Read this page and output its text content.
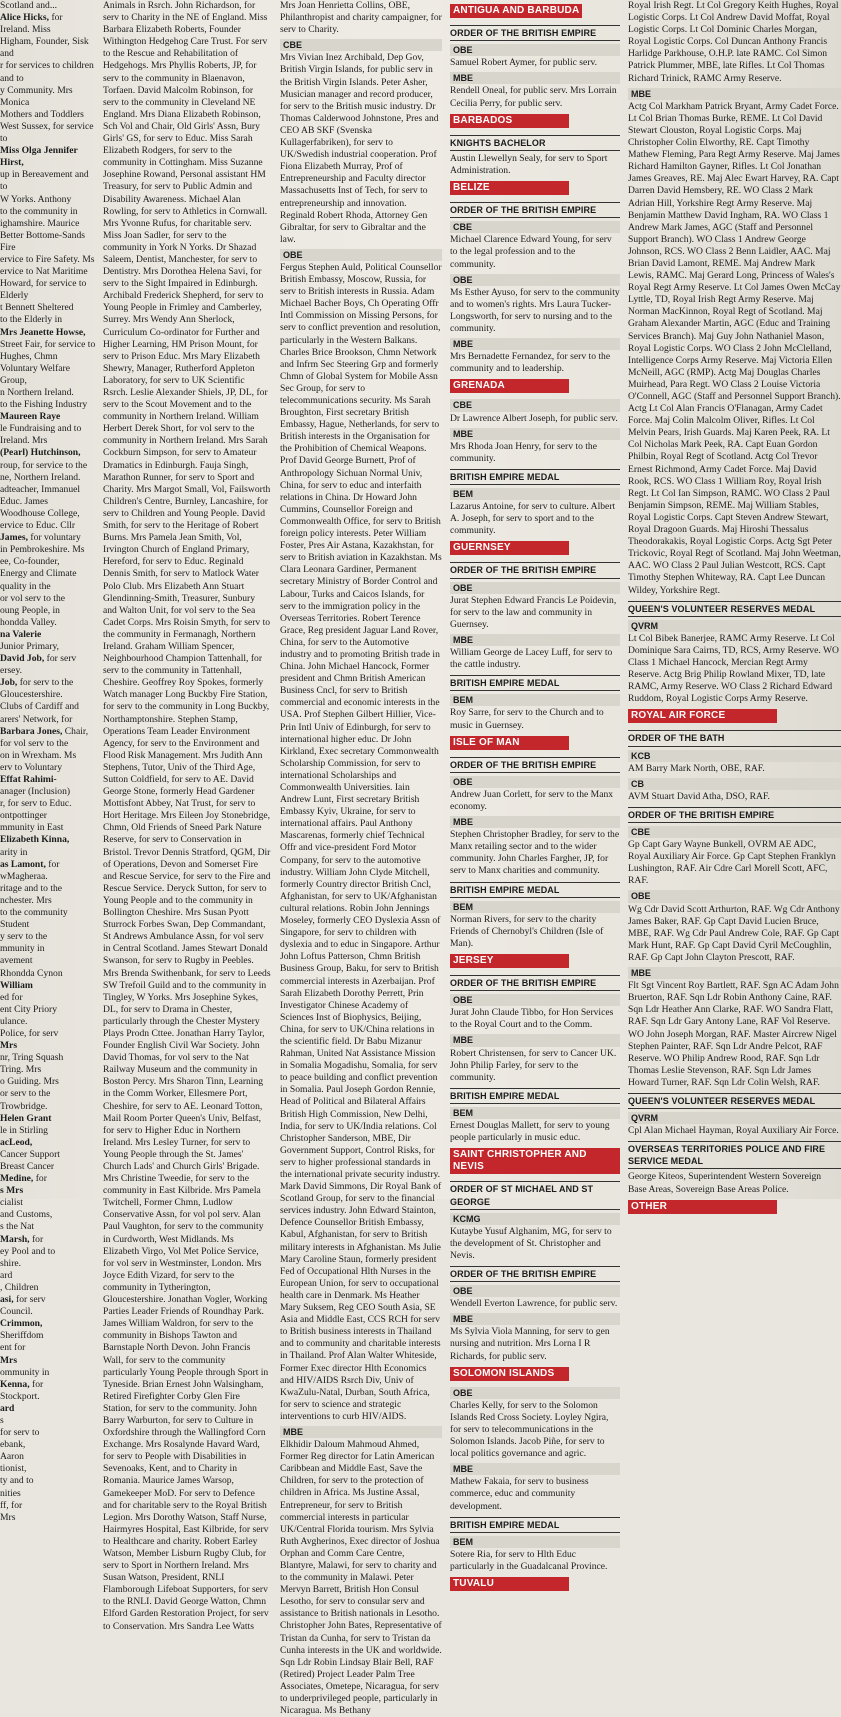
Scotland and...

Alice Hicks, for

Ireland. Miss

Higham, Founder, Sisk and

r for services to children and to

y Community. Mrs Monica

Mothers and Toddlers

West Sussex, for service to

Miss Olga Jennifer Hirst,

up in Bereavement and to

W Yorks. Anthony

to the community in

ighamshire. Maurice

Better Bottome-Sands Fire

ervice to Fire Safety. Ms

ervice to Nat Maritime

Howard, for service to Elderly

t Bennett Sheltered

to the Elderly in

Mrs Jeanette Howse,

Street Fair, for service to

Hughes, Chmn

Voluntary Welfare Group,

n Northern Ireland.

to the Fishing Industry

Maureen Raye

le Fundraising and to

Ireland. Mrs

(Pearl) Hutchinson,

roup, for service to the

ne, Northern Ireland.

adteacher, Immanuel

Educ. James

Woodhouse College,

ervice to Educ. Cllr

James, for voluntary

in Pembrokeshire. Ms

ee, Co-founder,

Energy and Climate

quality in the

or vol serv to the

oung People, in

hondda Valley.

na Valerie

Junior Primary,

David Job, for serv

ersey.

Job, for serv to the

Gloucestershire.

Clubs of Cardiff and

arers' Network, for

Barbara Jones, Chair,

for vol serv to the

on in Wrexham. Ms

erv to Voluntary

Effat Rahimi-

anager (Inclusion)

r, for serv to Educ.

ontpottinger

mmunity in East

Elizabeth Kinna,

arity in

as Lamont, for

wMagheraa.

ritage and to the

nchester. Mrs

to the community

Student

y serv to the

mmunity in

avement

Rhondda Cynon

William

ed for

ent City Priory

ulance.

Police, for serv

Mrs

nr, Tring Squash

Tring. Mrs

o Guiding. Mrs

or serv to the

Trowbridge.

Helen Grant

le in Stirling

acLeod,

Cancer Support

Breast Cancer

Medine, for

s Mrs

cialist

and Customs,

s the Nat

Marsh, for

ey Pool and to

shire.

ard

, Children

asi, for serv

Council.

Crimmon,

Sheriffdom

ent for

Mrs

ommunity in

Kenna, for

Stockport.

ard

s

for serv to

ebank,

Aaron

tionist,

ty and to

nities

ff, for

Mrs

Animals in Rsrch. John Richardson, for serv to Charity in the NE of England. Miss Barbara Elizabeth Roberts, Founder Withington Hedgehog Care Trust. For serv to the Rescue and Rehabilitation of Hedgehogs. Mrs Phyllis Roberts, JP, for serv to the community in Blaenavon, Torfaen. David Malcolm Robinson, for serv to the community in Cleveland NE England. Mrs Diana Elizabeth Robinson, Sch Vol and Chair, Old Girls' Assn, Bury Girls' GS, for serv to Educ. Miss Sarah Elizabeth Rodgers, for serv to the community in Cottingham. Miss Suzanne Josephine Rowand, Personal assistant HM Treasury, for serv to Public Admin and Disability Awareness. Michael Alan Rowling, for serv to Athletics in Cornwall. Mrs Yvonne Rufus, for charitable serv. Miss Joan Sadler, for serv to the community in York N Yorks. Dr Shazad Saleem, Dentist, Manchester, for serv to Dentistry. Mrs Dorothea Helena Savi, for serv to the Sight Impaired in Edinburgh. Archibald Frederick Shepherd, for serv to Young People in Frimley and Camberley, Surrey. Mrs Wendy Ann Sherlock, Curriculum Co-ordinator for Further and Higher Learning, HM Prison Mount, for serv to Prison Educ. Mrs Mary Elizabeth Shewry, Manager, Rutherford Appleton Laboratory, for serv to UK Scientific Rsrch. Leslie Alexander Shiels, JP, DL, for serv to the Scout Movement and to the community in Northern Ireland. William Herbert Derek Short, for vol serv to the community in Northern Ireland. Mrs Sarah Cockburn Simpson, for serv to Amateur Dramatics in Edinburgh. Fauja Singh, Marathon Runner, for serv to Sport and Charity. Mrs Margot Small, Vol, Failsworth Children's Centre, Burnley, Lancashire, for serv to Children and Young People. David Smith, for serv to the Heritage of Robert Burns. Mrs Pamela Jean Smith, Vol, Irvington Church of England Primary, Hereford, for serv to Educ. Reginald Dennis Smith, for serv to Matlock Water Polo Club. Mrs Elizabeth Ann Stuart Glendinning-Smith, Treasurer, Sunbury and Walton Unit, for vol serv to the Sea Cadet Corps. Mrs Roisin Smyth, for serv to the community in Fermanagh, Northern Ireland. Graham William Spencer, Neighbourhood Champion Tattenhall, for serv to the community in Tattenhall, Cheshire. Geoffrey Roy Spokes, formerly Watch manager Long Buckby Fire Station, for serv to the community in Long Buckby, Northamptonshire. Stephen Stamp, Operations Team Leader Environment Agency, for serv to the Environment and Flood Risk Management. Mrs Judith Ann Stephens, Tutor, Univ of the Third Age, Sutton Coldfield, for serv to AE. David George Stone, formerly Head Gardener Mottisfont Abbey, Nat Trust, for serv to Hort Heritage. Mrs Eileen Joy Stonebridge, Chmn, Old Friends of Sneed Park Nature Reserve, for serv to Conservation in Bristol. Trevor Dennis Stratford, QGM, Dir of Operations, Devon and Somerset Fire and Rescue Service, for serv to the Fire and Rescue Service. Deryck Sutton, for serv to Young People and to the community in Bollington Cheshire. Mrs Susan Pyott Sturrock Forbes Swan, Dep Commandant, St Andrews Ambulance Assn, for vol serv in Central Scotland. James Stewart Donald Swanson, for serv to Rugby in Peebles. Mrs Brenda Swithenbank, for serv to Leeds SW Trefoil Guild and to the community in Tingley, W Yorks. Mrs Josephine Sykes, DL, for serv to Drama in Chester, particularly through the Chester Mystery Plays Prodn Cttee. Jonathan Harry Taylor, Founder English Civil War Society. John David Thomas, for vol serv to the Nat Railway Museum and the community in Boston Percy. Mrs Sharon Tinn, Learning in the Comm Worker, Ellesmere Port, Cheshire, for serv to AE. Leonard Totton, Mail Room Porter Queen's Univ, Belfast, for serv to Higher Educ in Northern Ireland. Mrs Lesley Turner, for serv to Young People through the St. James' Church Lads' and Church Girls' Brigade. Mrs Christine Tweedie, for serv to the community in East Kilbride. Mrs Pamela Twitchell, Former Chmn, Ludlow Conservative Assn, for vol pol serv. Alan Paul Vaughton, for serv to the community in Curdworth, West Midlands. Ms Elizabeth Virgo, Vol Met Police Service, for vol serv in Westminster, London. Mrs Joyce Edith Vizard, for serv to the community in Tytherington, Gloucestershire. Jonathan Vogler, Working Parties Leader Friends of Roundhay Park. James William Waldron, for serv to the community in Bishops Tawton and Barnstaple North Devon. John Francis Wall, for serv to the community particularly Young People through Sport in Tyneside. Brian Ernest John Walsingham, Retired Firefighter Corby Glen Fire Station, for serv to the community. John Barry Warburton, for serv to Culture in Oxfordshire through the Wallingford Corn Exchange. Mrs Rosalynde Havard Ward, for serv to People with Disabilities in Sevenoaks, Kent, and to Charity in Romania. Maurice James Warsop, Gamekeeper MoD. For serv to Defence and for charitable serv to the Royal British Legion. Mrs Dorothy Watson, Staff Nurse, Hairmyres Hospital, East Kilbride, for serv to Healthcare and charity. Robert Earley Watson, Member Lisburn Rugby Club, for serv to Sport in Northern Ireland. Mrs Susan Watson, President, RNLI Flamborough Lifeboat Supporters, for serv to the RNLI. David George Watton, Chmn Elford Garden Restoration Project, for serv to Conservation. Mrs Sandra Lee Watts

Mrs Joan Henrietta Collins, OBE, Philanthropist and charity campaigner, for serv to Charity.

CBE

Mrs Vivian Inez Archibald, Dep Gov, British Virgin Islands, for public serv in the British Virgin Islands. Peter Asher, Musician manager and record producer, for serv to the British music industry. Dr Thomas Calderwood Johnstone, Pres and CEO AB SKF (Svenska Kullagerfabriken), for serv to UK/Swedish industrial cooperation. Prof Fiona Elizabeth Murray, Prof of Entrepreneurship and Faculty director Massachusetts Inst of Tech, for serv to entrepreneurship and innovation. Reginald Robert Rhoda, Attorney Gen Gibraltar, for serv to Gibraltar and the law.

OBE

Fergus Stephen Auld, Political Counsellor British Embassy, Moscow, Russia, for serv to British interests in Russia. Adam Michael Bacher Boys, Ch Operating Offr Intl Commission on Missing Persons, for serv to conflict prevention and resolution, particularly in the Western Balkans. Charles Brice Brookson, Chmn Network and Infrm Sec Steering Grp and formerly Chmn of Global System for Mobile Assn Sec Group, for serv to telecommunications security. Ms Sarah Broughton, First secretary British Embassy, Hague, Netherlands, for serv to British interests in the Organisation for the Prohibition of Chemical Weapons. Prof David George Burnett, Prof of Anthropology Sichuan Normal Univ, China, for serv to educ and interfaith relations in China. Dr Howard John Cummins, Counsellor Foreign and Commonwealth Office, for serv to British foreign policy interests. Peter William Foster, Pres Air Astana, Kazakhstan, for serv to British aviation in Kazakhstan. Ms Clara Leonara Gardiner, Permanent secretary Ministry of Border Control and Labour, Turks and Caicos Islands, for serv to the immigration policy in the Overseas Territories. Robert Terence Grace, Reg president Jaguar Land Rover, China, for serv to the Automotive industry and to promoting British trade in China. John Michael Hancock, Former president and Chmn British American Business Cncl, for serv to British commercial and economic interests in the USA. Prof Stephen Gilbert Hillier, Vice-Prin Intl Univ of Edinburgh, for serv to international higher educ. Dr John Kirkland, Exec secretary Commonwealth Scholarship Commission, for serv to international Scholarships and Commonwealth Universities. Iain Andrew Lunt, First secretary British Embassy Kyiv, Ukraine, for serv to international affairs. Paul Anthony Mascarenas, formerly chief Technical Offr and vice-president Ford Motor Company, for serv to the automotive industry. William John Clyde Mitchell, formerly Country director British Cncl, Afghanistan, for serv to UK/Afghanistan cultural relations. Robin John Jennings Moseley, formerly CEO Dyslexia Assn of Singapore, for serv to children with dyslexia and to educ in Singapore. Arthur John Loftus Patterson, Chmn British Business Group, Baku, for serv to British commercial interests in Azerbaijan. Prof Sarah Elizabeth Dorothy Perrett, Prin Investigator Chinese Academy of Sciences Inst of Biophysics, Beijing, China, for serv to UK/China relations in the scientific field. Dr Babu Mizanur Rahman, United Nat Assistance Mission in Somalia Mogadishu, Somalia, for serv to peace building and conflict prevention in Somalia. Paul Joseph Gordon Rennie, Head of Political and Bilateral Affairs British High Commission, New Delhi, India, for serv to UK/India relations. Col Christopher Sanderson, MBE, Dir Government Support, Control Risks, for serv to higher professional standards in the international private security industry. Mark David Simmons, Dir Royal Bank of Scotland Group, for serv to the financial services industry. John Edward Stainton, Defence Counsellor British Embassy, Kabul, Afghanistan, for serv to British military interests in Afghanistan. Ms Julie Mary Caroline Staun, formerly president Fed of Occupational Hlth Nurses in the European Union, for serv to occupational health care in Denmark. Ms Heather Mary Suksem, Reg CEO South Asia, SE Asia and Middle East, CCS RCH for serv to British business interests in Thailand and to community and charitable interests in Thailand. Prof Alan Walter Whiteside, Former Exec director Hlth Economics and HIV/AIDS Rsrch Div, Univ of KwaZulu-Natal, Durban, South Africa, for serv to science and strategic interventions to curb HIV/AIDS.

MBE

Elkhidir Daloum Mahmoud Ahmed, Former Reg director for Latin American Caribbean and Middle East, Save the Children, for serv to the protection of children in Africa. Ms Justine Assal, Entrepreneur, for serv to British commercial interests in particular UK/Central Florida tourism. Mrs Sylvia Ruth Avgherinos, Exec director of Joshua Orphan and Comm Care Centre, Blantyre, Malawi, for serv to charity and to the community in Malawi. Peter Mervyn Barrett, British Hon Consul Lesotho, for serv to consular serv and assistance to British nationals in Lesotho. Christopher John Bates, Representative of Tristan da Cunha, for serv to Tristan da Cunha interests in the UK and worldwide. Sqn Ldr Robin Lindsay Blair Bell, RAF (Retired) Project Leader Palm Tree Associates, Ometepe, Nicaragua, for serv to underprivileged people, particularly in Nicaragua. Ms Bethany

ANTIGUA AND BARBUDA
ORDER OF THE BRITISH EMPIRE
OBE

Samuel Robert Aymer, for public serv.

MBE

Rendell Oneal, for public serv. Mrs Lorrain Cecilia Perry, for public serv.

BARBADOS
KNIGHTS BACHELOR

Austin Llewellyn Sealy, for serv to Sport Administration.

BELIZE
ORDER OF THE BRITISH EMPIRE
CBE

Michael Clarence Edward Young, for serv to the legal profession and to the community.

OBE

Ms Esther Ayuso, for serv to the community and to women's rights. Mrs Laura Tucker-Longsworth, for serv to nursing and to the community.

MBE

Mrs Bernadette Fernandez, for serv to the community and to leadership.

GRENADA
CBE

Dr Lawrence Albert Joseph, for public serv.

MBE

Mrs Rhoda Joan Henry, for serv to the community.

BRITISH EMPIRE MEDAL
BEM

Lazarus Antoine, for serv to culture. Albert A. Joseph, for serv to sport and to the community.

GUERNSEY
ORDER OF THE BRITISH EMPIRE
OBE

Jurat Stephen Edward Francis Le Poidevin, for serv to the law and community in Guernsey.

MBE

William George de Lacey Luff, for serv to the cattle industry.

BRITISH EMPIRE MEDAL
BEM

Roy Sarre, for serv to the Church and to music in Guernsey.

ISLE OF MAN
ORDER OF THE BRITISH EMPIRE
OBE

Andrew Juan Corlett, for serv to the Manx economy.

MBE

Stephen Christopher Bradley, for serv to the Manx retailing sector and to the wider community. John Charles Fargher, JP, for serv to Manx charities and community.

BRITISH EMPIRE MEDAL
BEM

Norman Rivers, for serv to the charity Friends of Chernobyl's Children (Isle of Man).

JERSEY
ORDER OF THE BRITISH EMPIRE
OBE

Jurat John Claude Tibbo, for Hon Services to the Royal Court and to the Comm.

MBE

Robert Christensen, for serv to Cancer UK. John Philip Farley, for serv to the community.

BRITISH EMPIRE MEDAL
BEM

Ernest Douglas Mallett, for serv to young people particularly in music educ.

SAINT CHRISTOPHER AND NEVIS
ORDER OF ST MICHAEL AND ST GEORGE
KCMG

Kutaybe Yusuf Alghanim, MG, for serv to the development of St. Christopher and Nevis.

ORDER OF THE BRITISH EMPIRE
OBE

Wendell Everton Lawrence, for public serv.

MBE

Ms Sylvia Viola Manning, for serv to gen nursing and nutrition. Mrs Lorna I R Richards, for public serv.

SOLOMON ISLANDS
OBE

Charles Kelly, for serv to the Solomon Islands Red Cross Society. Loyley Ngira, for serv to telecommunications in the Solomon Islands. Jacob Piñe, for serv to local politics governance and agric.

MBE

Mathew Fakaia, for serv to business commerce, educ and community development.

BRITISH EMPIRE MEDAL
BEM

Sotere Ria, for serv to Hlth Educ particularly in the Guadalcanal Province.

TUVALU

Royal Irish Regt. Lt Col Gregory Keith Hughes, Royal Logistic Corps. Lt Col Andrew David Moffat, Royal Logistic Corps. Lt Col Dominic Charles Morgan, Royal Logistic Corps. Col Duncan Anthony Francis Harlidge Parkhouse, O.H.P. late RAMC. Col Simon Patrick Plummer, MBE, late Rifles. Lt Col Thomas Richard Trinick, RAMC Army Reserve.

MBE

Actg Col Markham Patrick Bryant, Army Cadet Force. Lt Col Brian Thomas Burke, REME. Lt Col David Stewart Clouston, Royal Logistic Corps. Maj Christopher Colin Elworthy, RE. Capt Timothy Mathew Fleming, Para Regt Army Reserve. Maj James Richard Hamilton Gayner, Rifles. Lt Col Jonathan James Greaves, RE. Maj Alec Ewart Harvey, RA. Capt Darren David Hemsbery, RE. WO Class 2 Mark Adrian Hill, Yorkshire Regt Army Reserve. Maj Benjamin Matthew David Ingham, RA. WO Class 1 Andrew Mark James, AGC (Staff and Personnel Support Branch). WO Class 1 Andrew George Johnson, RCS. WO Class 2 Benn Laidler, AAC. Maj Brian David Lamont, REME. Maj Andrew Mark Lewis, RAMC. Maj Gerard Long, Princess of Wales's Royal Regt Army Reserve. Lt Col James Owen McCay Lyttle, TD, Royal Irish Regt Army Reserve. Maj Norman MacKinnon, Royal Regt of Scotland. Maj Graham Alexander Martin, AGC (Educ and Training Services Branch). Maj Guy John Nathaniel Mason, Royal Logistic Corps. WO Class 2 John McClelland, Intelligence Corps Army Reserve. Maj Victoria Ellen McNeill, AGC (RMP). Actg Maj Douglas Charles Muirhead, Para Regt. WO Class 2 Louise Victoria O'Connell, AGC (Staff and Personnel Support Branch). Actg Lt Col Alan Francis O'Flanagan, Army Cadet Force. Maj Colin Malcolm Oliver, Rifles. Lt Col Melvin Pears, Irish Guards. Maj Karen Peek, RA. Lt Col Nicholas Mark Peek, RA. Capt Euan Gordon Philbin, Royal Regt of Scotland. Actg Col Trevor Ernest Richmond, Army Cadet Force. Maj David Rook, RCS. WO Class 1 William Roy, Royal Irish Regt. Lt Col Ian Simpson, RAMC. WO Class 2 Paul Benjamin Simpson, REME. Maj William Stables, Royal Logistic Corps. Capt Steven Andrew Stewart, Royal Dragoon Guards. Maj Hiroshi Thessalus Theodorakakis, Royal Logistic Corps. Actg Sgt Peter Trickovic, Royal Regt of Scotland. Maj John Weetman, AAC. WO Class 2 Paul Julian Westcott, RCS. Capt Timothy Stephen Whiteway, RA. Capt Lee Duncan Wildey, Yorkshire Regt.

QUEEN'S VOLUNTEER RESERVES MEDAL
QVRM

Lt Col Bibek Banerjee, RAMC Army Reserve. Lt Col Dominique Sara Cairns, TD, RCS, Army Reserve. WO Class 1 Michael Hancock, Mercian Regt Army Reserve. Actg Brig Philip Rowland Mixer, TD, late RAMC, Army Reserve. WO Class 2 Richard Edward Ruddom, Royal Logistic Corps Army Reserve.

ROYAL AIR FORCE
ORDER OF THE BATH
KCB

AM Barry Mark North, OBE, RAF.

CB

AVM Stuart David Atha, DSO, RAF.

ORDER OF THE BRITISH EMPIRE
CBE

Gp Capt Gary Wayne Bunkell, OVRM AE ADC, Royal Auxiliary Air Force. Gp Capt Stephen Franklyn Lushington, RAF. Air Cdre Carl Morell Scott, AFC, RAF.

OBE

Wg Cdr David Scott Arthurton, RAF. Wg Cdr Anthony James Baker, RAF. Gp Capt David Lucien Bruce, MBE, RAF. Wg Cdr Paul Andrew Cole, RAF. Gp Capt Mark Hunt, RAF. Gp Capt David Cyril McCoughlin, RAF. Gp Capt John Clayton Prescott, RAF.

MBE

Flt Sgt Vincent Roy Bartlett, RAF. Sgn AC Adam John Bruerton, RAF. Sqn Ldr Robin Anthony Caine, RAF. Sqn Ldr Heather Ann Clarke, RAF. WO Sandra Flatt, RAF. Sqn Ldr Gary Antony Lane, RAF Vol Reserve. WO John Joseph Morgan, RAF. Master Aircrew Nigel Stephen Painter, RAF. Sqn Ldr Andre Pelcot, RAF Reserve. WO Philip Andrew Rood, RAF. Sqn Ldr Thomas Leslie Stevenson, RAF. Sqn Ldr James Howard Turner, RAF. Sqn Ldr Colin Welsh, RAF.

QUEEN'S VOLUNTEER RESERVES MEDAL
QVRM

Cpl Alan Michael Hayman, Royal Auxiliary Air Force.

OVERSEAS TERRITORIES POLICE AND FIRE SERVICE MEDAL

George Kiteos, Superintendent Western Sovereign Base Areas, Sovereign Base Areas Police.

OTHER
